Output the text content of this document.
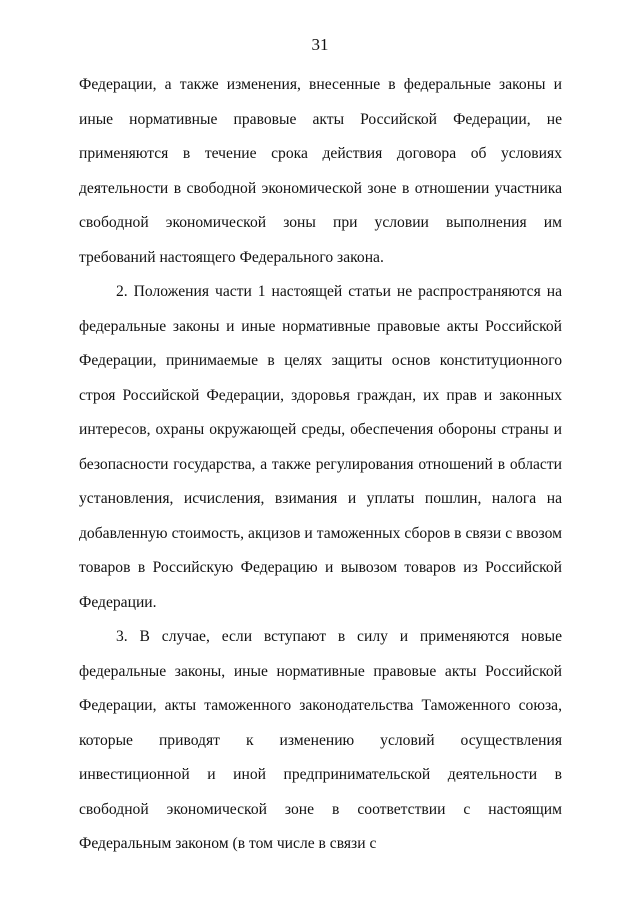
31

Федерации, а также изменения, внесенные в федеральные законы и иные нормативные правовые акты Российской Федерации, не применяются в течение срока действия договора об условиях деятельности в свободной экономической зоне в отношении участника свободной экономической зоны при условии выполнения им требований настоящего Федерального закона.

2. Положения части 1 настоящей статьи не распространяются на федеральные законы и иные нормативные правовые акты Российской Федерации, принимаемые в целях защиты основ конституционного строя Российской Федерации, здоровья граждан, их прав и законных интересов, охраны окружающей среды, обеспечения обороны страны и безопасности государства, а также регулирования отношений в области установления, исчисления, взимания и уплаты пошлин, налога на добавленную стоимость, акцизов и таможенных сборов в связи с ввозом товаров в Российскую Федерацию и вывозом товаров из Российской Федерации.

3. В случае, если вступают в силу и применяются новые федеральные законы, иные нормативные правовые акты Российской Федерации, акты таможенного законодательства Таможенного союза, которые приводят к изменению условий осуществления инвестиционной и иной предпринимательской деятельности в свободной экономической зоне в соответствии с настоящим Федеральным законом (в том числе в связи с
